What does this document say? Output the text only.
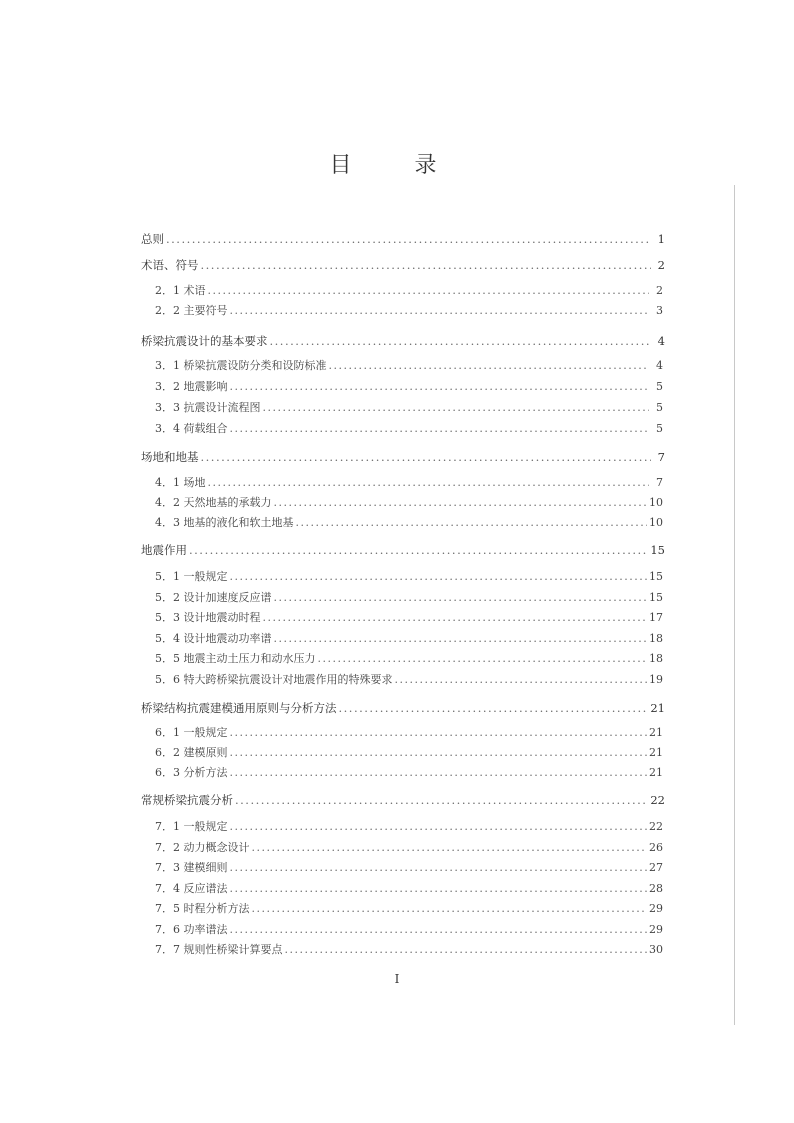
目 录
总则 .....	1
术语、符号 .....	2
2．1 术语 .....	2
2．2 主要符号 .....	3
桥梁抗震设计的基本要求 .....	4
3．1 桥梁抗震设防分类和设防标准 .....	4
3．2 地震影响 .....	5
3．3 抗震设计流程图 .....	5
3．4 荷载组合 .....	5
场地和地基 .....	7
4．1 场地 .....	7
4．2 天然地基的承载力 .....	10
4．3 地基的液化和软土地基 .....	10
地震作用 .....	15
5．1 一般规定 .....	15
5．2 设计加速度反应谱 .....	15
5．3 设计地震动时程 .....	17
5．4 设计地震动功率谱 .....	18
5．5 地震主动土压力和动水压力 .....	18
5．6 特大跨桥梁抗震设计对地震作用的特殊要求 .....	19
桥梁结构抗震建模通用原则与分析方法 .....	21
6．1 一般规定 .....	21
6．2 建模原则 .....	21
6．3 分析方法 .....	21
常规桥梁抗震分析 .....	22
7．1 一般规定 .....	22
7．2 动力概念设计 .....	26
7．3 建模细则 .....	27
7．4 反应谱法 .....	28
7．5 时程分析方法 .....	29
7．6 功率谱法 .....	29
7．7 规则性桥梁计算要点 .....	30
I
